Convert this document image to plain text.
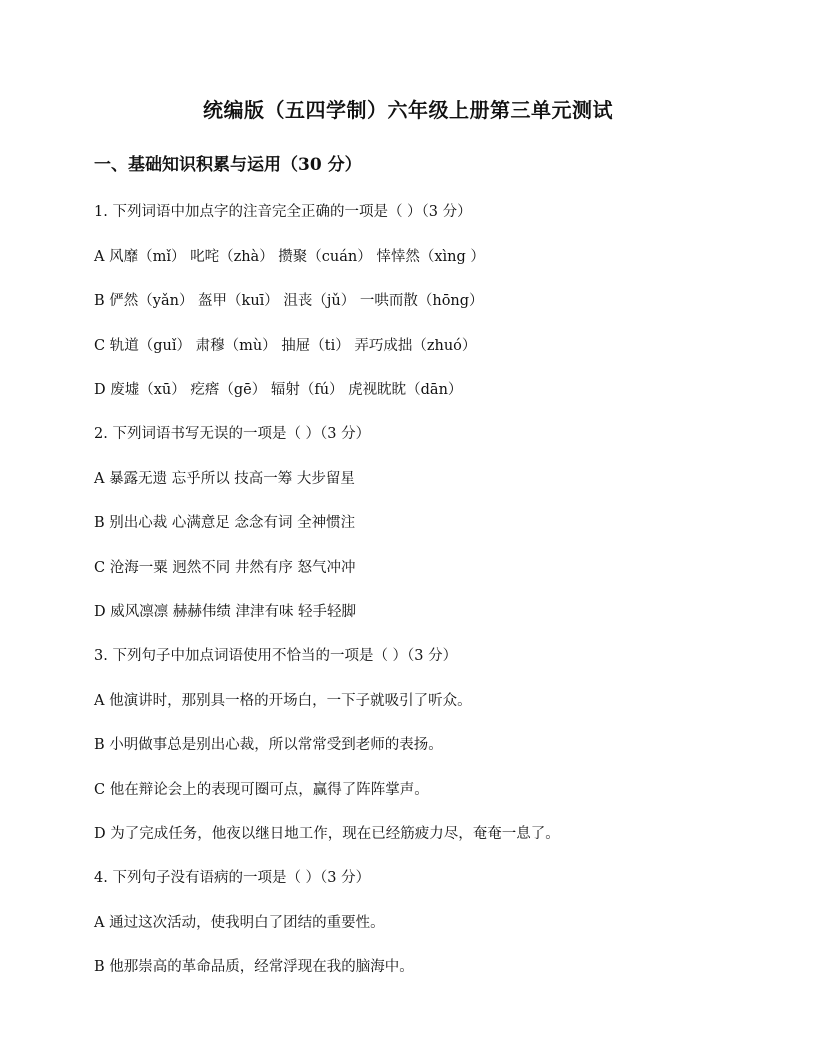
统编版（五四学制）六年级上册第三单元测试
一、基础知识积累与运用（30 分）
1. 下列词语中加点字的注音完全正确的一项是（ ）（3 分）
A 风靡（mǐ） 叱咤（zhà） 攒聚（cuán） 悻悻然（xìng ）
B 俨然（yǎn） 盔甲（kuī） 沮丧（jǔ） 一哄而散（hōng）
C 轨道（guǐ） 肃穆（mù） 抽屉（ti） 弄巧成拙（zhuó）
D 废墟（xū） 疙瘩（gē） 辐射（fú） 虎视眈眈（dān）
2. 下列词语书写无误的一项是（ ）（3 分）
A 暴露无遗 忘乎所以 技高一筹 大步留星
B 别出心裁 心满意足 念念有词 全神惯注
C 沧海一粟 迥然不同 井然有序 怒气冲冲
D 威风凛凛 赫赫伟绩 津津有味 轻手轻脚
3. 下列句子中加点词语使用不恰当的一项是（ ）（3 分）
A 他演讲时，那别具一格的开场白，一下子就吸引了听众。
B 小明做事总是别出心裁，所以常常受到老师的表扬。
C 他在辩论会上的表现可圈可点，赢得了阵阵掌声。
D 为了完成任务，他夜以继日地工作，现在已经筋疲力尽，奄奄一息了。
4. 下列句子没有语病的一项是（ ）（3 分）
A 通过这次活动，使我明白了团结的重要性。
B 他那崇高的革命品质，经常浮现在我的脑海中。
